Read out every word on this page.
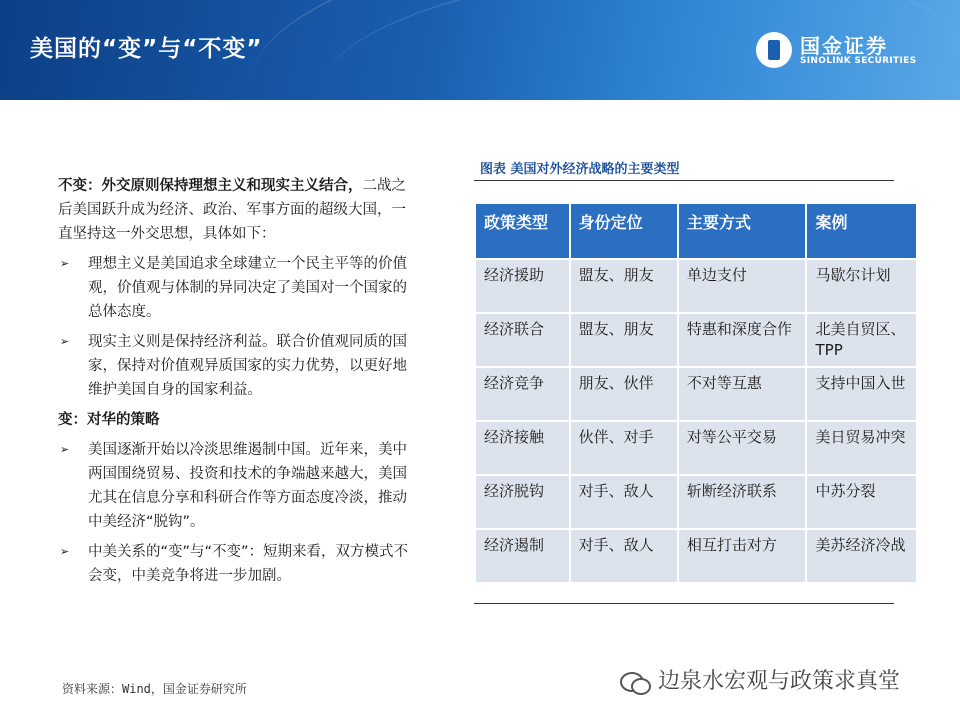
美国的“变”与“不变”	国金证券
SINOLINK SECURITIES

不变：外交原则保持理想主义和现实主义结合，二战之后美国跃升成为经济、政治、军事方面的超级大国，一直坚持这一外交思想，具体如下：

➢ 理想主义是美国追求全球建立一个民主平等的价值观，价值观与体制的异同决定了美国对一个国家的总体态度。
➢ 现实主义则是保持经济利益。联合价值观同质的国家，保持对价值观异质国家的实力优势，以更好地维护美国自身的国家利益。

变：对华的策略

➢ 美国逐渐开始以冷淡思维遏制中国。近年来，美中两国围绕贸易、投资和技术的争端越来越大，美国尤其在信息分享和科研合作等方面态度冷淡，推动中美经济“脱钩”。
➢ 中美关系的“变”与“不变”：短期来看，双方模式不会变，中美竞争将进一步加剧。
图表 美国对外经济战略的主要类型
政策类型	身份定位	主要方式	案例
经济援助	盟友、朋友	单边支付	马歇尔计划
经济联合	盟友、朋友	特惠和深度合作	北美自贸区、TPP
经济竞争	朋友、伙伴	不对等互惠	支持中国入世
经济接触	伙伴、对手	对等公平交易	美日贸易冲突
经济脱钩	对手、敌人	斩断经济联系	中苏分裂
经济遏制	对手、敌人	相互打击对方	美苏经济冷战
资料来源：Wind，国金证券研究所	边泉水宏观与政策求真堂
